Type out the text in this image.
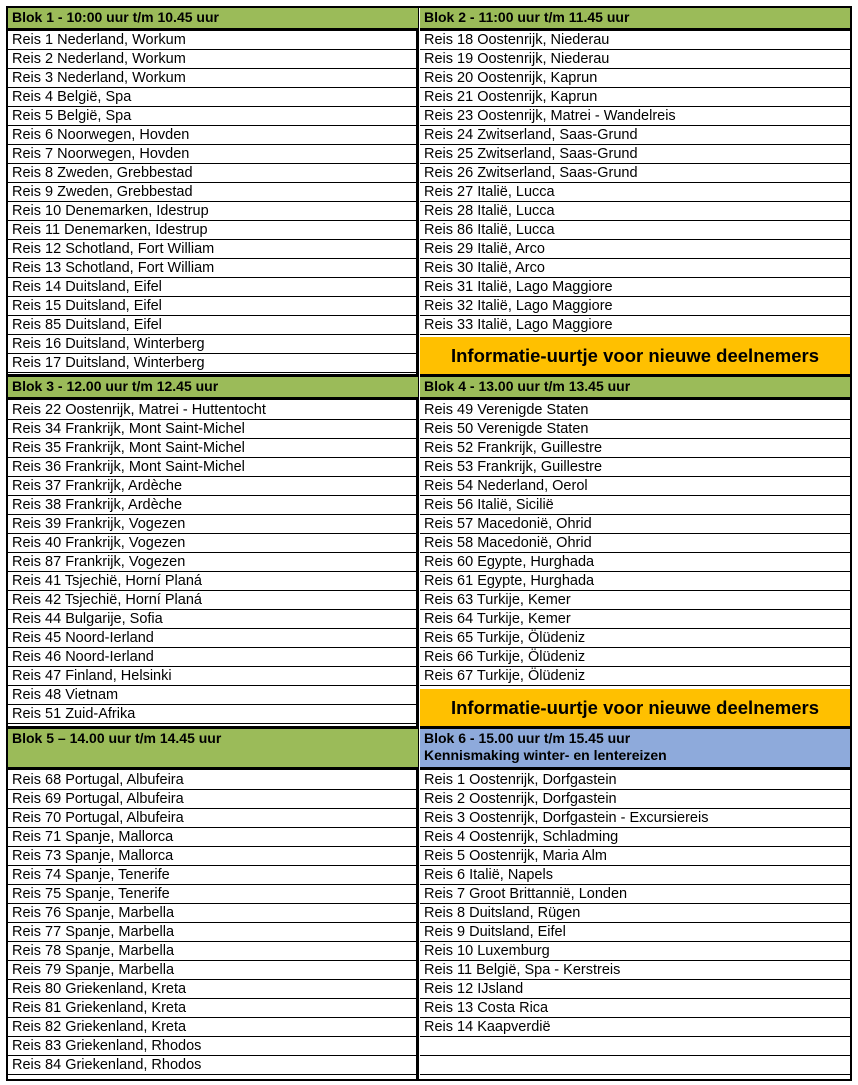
Blok 1 - 10:00 uur t/m 10.45 uur
Reis 1 Nederland, Workum
Reis 2 Nederland, Workum
Reis 3 Nederland, Workum
Reis 4 België, Spa
Reis 5 België, Spa
Reis 6 Noorwegen, Hovden
Reis 7 Noorwegen, Hovden
Reis 8 Zweden, Grebbestad
Reis 9 Zweden, Grebbestad
Reis 10 Denemarken, Idestrup
Reis 11 Denemarken, Idestrup
Reis 12 Schotland, Fort William
Reis 13 Schotland, Fort William
Reis 14 Duitsland, Eifel
Reis 15 Duitsland, Eifel
Reis 85 Duitsland, Eifel
Reis 16 Duitsland, Winterberg
Reis 17 Duitsland, Winterberg
Blok 3 - 12.00 uur t/m 12.45 uur
Reis 22 Oostenrijk, Matrei - Huttentocht
Reis 34 Frankrijk, Mont Saint-Michel
Reis 35 Frankrijk, Mont Saint-Michel
Reis 36 Frankrijk, Mont Saint-Michel
Reis 37 Frankrijk, Ardèche
Reis 38 Frankrijk, Ardèche
Reis 39 Frankrijk, Vogezen
Reis 40 Frankrijk, Vogezen
Reis 87 Frankrijk, Vogezen
Reis 41 Tsjechië, Horní Planá
Reis 42 Tsjechië, Horní Planá
Reis 44 Bulgarije, Sofia
Reis 45 Noord-Ierland
Reis 46 Noord-Ierland
Reis 47 Finland, Helsinki
Reis 48 Vietnam
Reis 51 Zuid-Afrika
Blok 5 – 14.00 uur t/m 14.45 uur
Reis 68 Portugal, Albufeira
Reis 69 Portugal, Albufeira
Reis 70 Portugal, Albufeira
Reis 71 Spanje, Mallorca
Reis 73 Spanje, Mallorca
Reis 74 Spanje, Tenerife
Reis 75 Spanje, Tenerife
Reis 76 Spanje, Marbella
Reis 77 Spanje, Marbella
Reis 78 Spanje, Marbella
Reis 79 Spanje, Marbella
Reis 80 Griekenland, Kreta
Reis 81 Griekenland, Kreta
Reis 82 Griekenland, Kreta
Reis 83 Griekenland, Rhodos
Reis 84 Griekenland, Rhodos
Blok 2 - 11:00 uur t/m 11.45 uur
Reis 18 Oostenrijk, Niederau
Reis 19 Oostenrijk, Niederau
Reis 20 Oostenrijk, Kaprun
Reis 21 Oostenrijk, Kaprun
Reis 23 Oostenrijk, Matrei - Wandelreis
Reis 24 Zwitserland, Saas-Grund
Reis 25 Zwitserland, Saas-Grund
Reis 26 Zwitserland, Saas-Grund
Reis 27 Italië, Lucca
Reis 28 Italië, Lucca
Reis 86 Italië, Lucca
Reis 29 Italië, Arco
Reis 30 Italië, Arco
Reis 31 Italië, Lago Maggiore
Reis 32 Italië, Lago Maggiore
Reis 33 Italië, Lago Maggiore
Informatie-uurtje voor nieuwe deelnemers
Blok 4 - 13.00 uur t/m 13.45 uur
Reis 49 Verenigde Staten
Reis 50 Verenigde Staten
Reis 52 Frankrijk, Guillestre
Reis 53 Frankrijk, Guillestre
Reis 54 Nederland, Oerol
Reis 56 Italië, Sicilië
Reis 57 Macedonië, Ohrid
Reis 58 Macedonië, Ohrid
Reis 60 Egypte, Hurghada
Reis 61 Egypte, Hurghada
Reis 63 Turkije, Kemer
Reis 64 Turkije, Kemer
Reis 65 Turkije, Ölüdeniz
Reis 66 Turkije, Ölüdeniz
Reis 67 Turkije, Ölüdeniz
Informatie-uurtje voor nieuwe deelnemers
Blok 6 - 15.00 uur t/m 15.45 uur
Kennismaking winter- en lentereizen
Reis 1 Oostenrijk, Dorfgastein
Reis 2 Oostenrijk, Dorfgastein
Reis 3 Oostenrijk, Dorfgastein - Excursiereis
Reis 4 Oostenrijk, Schladming
Reis 5 Oostenrijk, Maria Alm
Reis 6 Italië, Napels
Reis 7 Groot Brittannië, Londen
Reis 8 Duitsland, Rügen
Reis 9 Duitsland, Eifel
Reis 10 Luxemburg
Reis 11 België, Spa - Kerstreis
Reis 12 IJsland
Reis 13 Costa Rica
Reis 14 Kaapverdië
